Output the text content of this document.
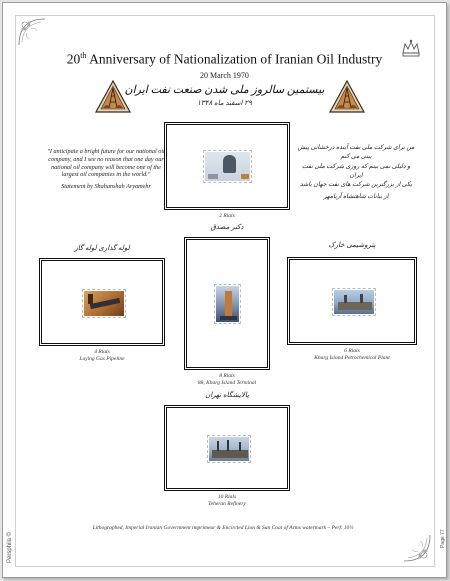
20th Anniversary of Nationalization of Iranian Oil Industry
20 March 1970
بیستمین سالروز ملی شدن صنعت نفت ایران
۲۹ اسفند ماه ۱۳۴۸
"I anticipate a bright future for our national oil company, and I see no reason that one day our national oil company will become one of the largest oil companies in the world."
Statement by Shahanshah Aryamehr
من برای شرکت ملی نفت آینده درخشانی پیش بینی می کنم
و دلیلی نمی بینم که روزی شرکت ملی نفت ایران
یکی از بزرگترین شرکت های نفت جهان باشد
از بیانات شاهنشاه آریامهر
2 Rials
دکتر مصدق
لوله گذاری لوله گاز
4 Rials
Laying Gas Pipeline
8 Rials
88, Kharg Island Terminal
پتروشیمی خارک
6 Rials
Kharg Island Petrochemical Plant
پالایشگاه تهران
10 Rials
Teheran Refinery
Lithographed, Imperial Iranian Government imprimeur & Encircled Lion & Sun Coat of Arms watermark – Perf. 10½
Persphila ©	Page 77
